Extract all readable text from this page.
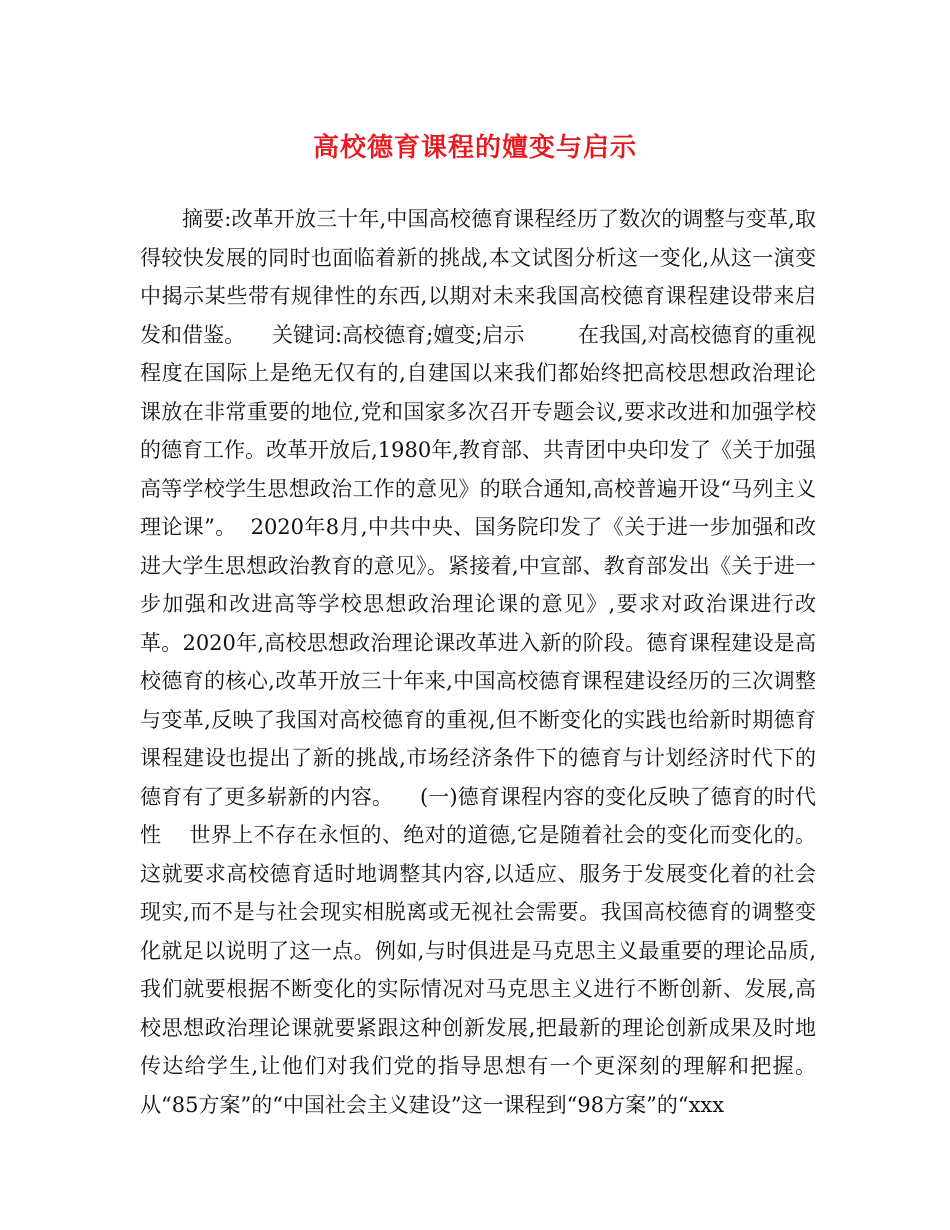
高校德育课程的嬗变与启示

摘要:改革开放三十年,中国高校德育课程经历了数次的调整与变革,取得较快发展的同时也面临着新的挑战,本文试图分析这一变化,从这一演变中揭示某些带有规律性的东西,以期对未来我国高校德育课程建设带来启发和借鉴。    关键词:高校德育;嬗变;启示        在我国,对高校德育的重视程度在国际上是绝无仅有的,自建国以来我们都始终把高校思想政治理论课放在非常重要的地位,党和国家多次召开专题会议,要求改进和加强学校的德育工作。改革开放后,1980年,教育部、共青团中央印发了《关于加强高等学校学生思想政治工作的意见》的联合通知,高校普遍开设“马列主义理论课”。  2020年8月,中共中央、国务院印发了《关于进一步加强和改进大学生思想政治教育的意见》。紧接着,中宣部、教育部发出《关于进一步加强和改进高等学校思想政治理论课的意见》,要求对政治课进行改革。2020年,高校思想政治理论课改革进入新的阶段。德育课程建设是高校德育的核心,改革开放三十年来,中国高校德育课程建设经历的三次调整与变革,反映了我国对高校德育的重视,但不断变化的实践也给新时期德育课程建设也提出了新的挑战,市场经济条件下的德育与计划经济时代下的德育有了更多崭新的内容。    (一)德育课程内容的变化反映了德育的时代性    世界上不存在永恒的、绝对的道德,它是随着社会的变化而变化的。这就要求高校德育适时地调整其内容,以适应、服务于发展变化着的社会现实,而不是与社会现实相脱离或无视社会需要。我国高校德育的调整变化就足以说明了这一点。例如,与时俱进是马克思主义最重要的理论品质,我们就要根据不断变化的实际情况对马克思主义进行不断创新、发展,高校思想政治理论课就要紧跟这种创新发展,把最新的理论创新成果及时地传达给学生,让他们对我们党的指导思想有一个更深刻的理解和把握。从“85方案”的“中国社会主义建设”这一课程到“98方案”的“xxx
